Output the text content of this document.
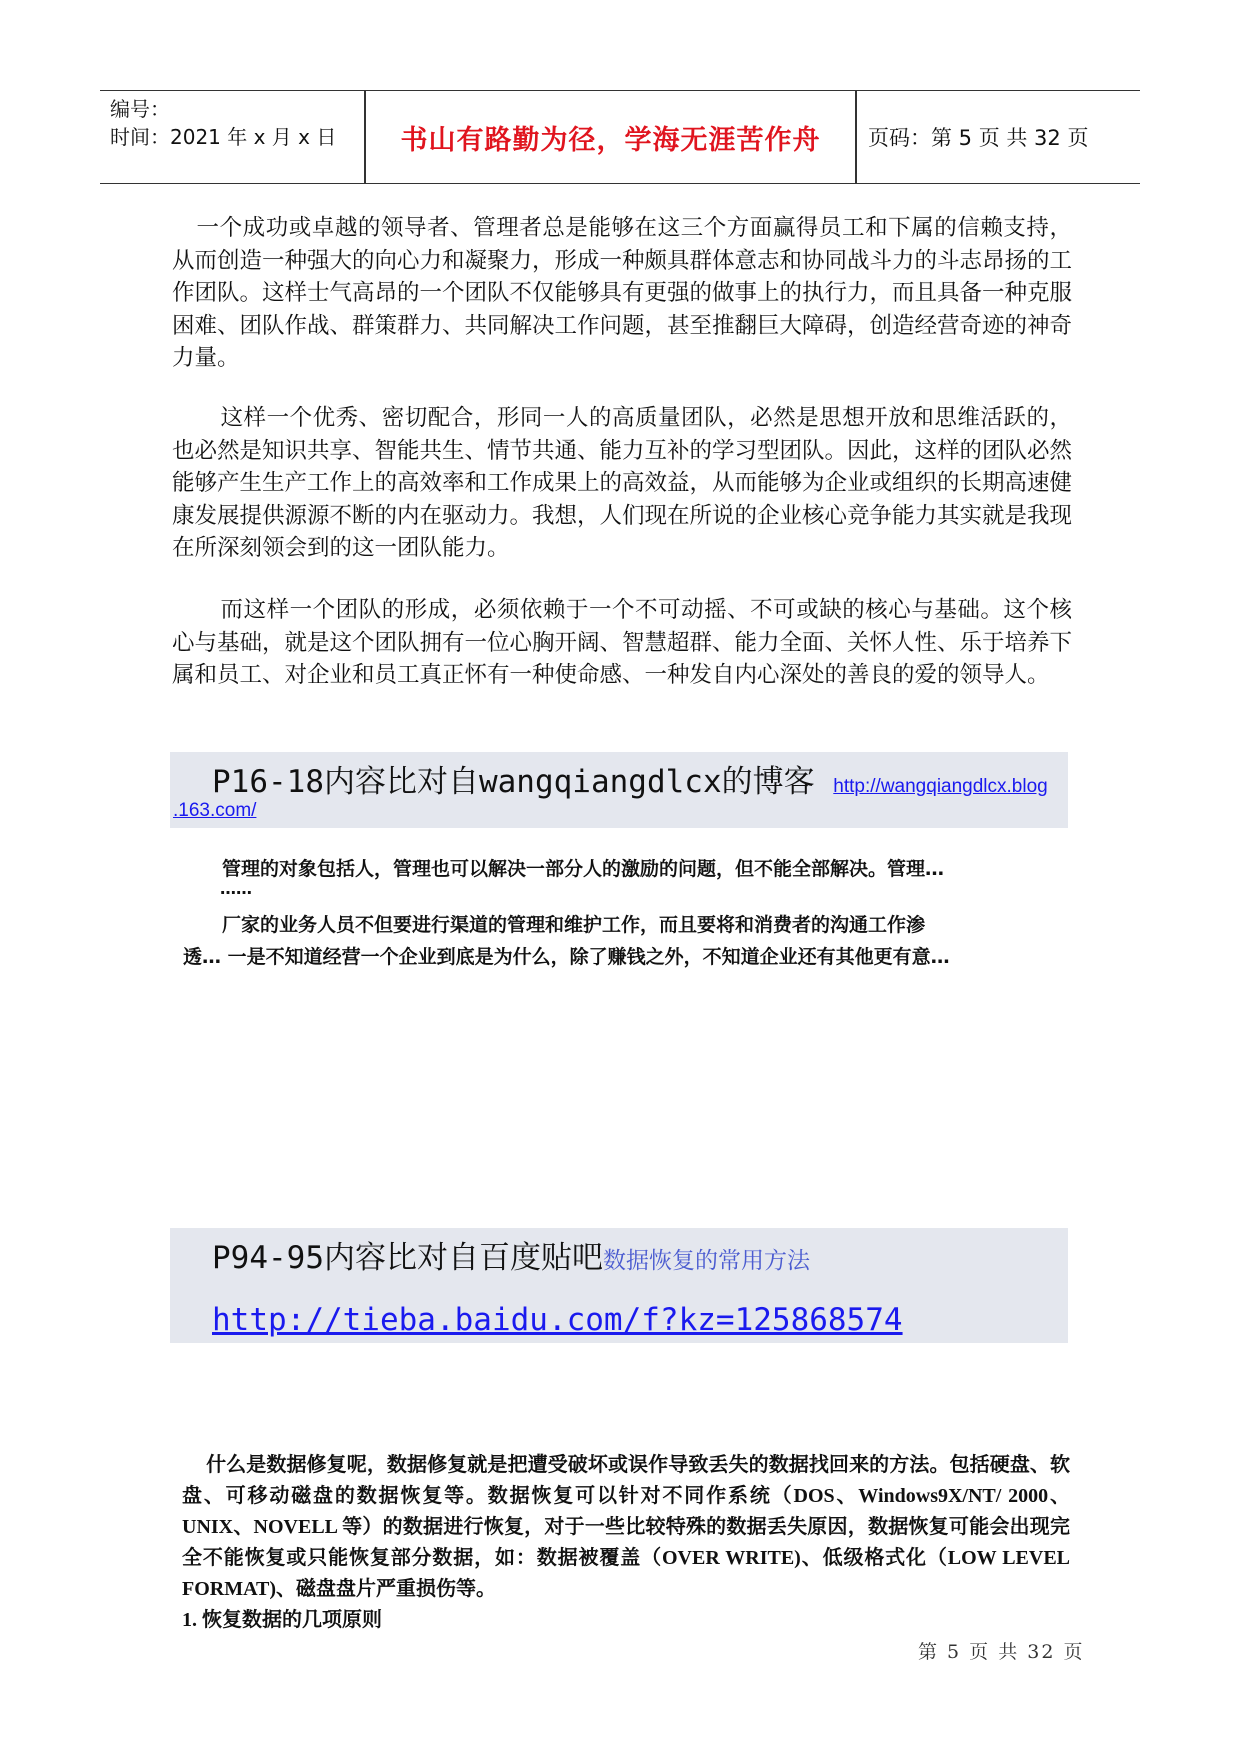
编号：
时间：2021 年 x 月 x 日	书山有路勤为径，学海无涯苦作舟	页码：第 5 页 共 32 页
一个成功或卓越的领导者、管理者总是能够在这三个方面赢得员工和下属的信赖支持，从而创造一种强大的向心力和凝聚力，形成一种颇具群体意志和协同战斗力的斗志昂扬的工作团队。这样士气高昂的一个团队不仅能够具有更强的做事上的执行力，而且具备一种克服困难、团队作战、群策群力、共同解决工作问题，甚至推翻巨大障碍，创造经营奇迹的神奇力量。
这样一个优秀、密切配合，形同一人的高质量团队，必然是思想开放和思维活跃的，也必然是知识共享、智能共生、情节共通、能力互补的学习型团队。因此，这样的团队必然能够产生生产工作上的高效率和工作成果上的高效益，从而能够为企业或组织的长期高速健康发展提供源源不断的内在驱动力。我想，人们现在所说的企业核心竞争能力其实就是我现在所深刻领会到的这一团队能力。
而这样一个团队的形成，必须依赖于一个不可动摇、不可或缺的核心与基础。这个核心与基础，就是这个团队拥有一位心胸开阔、智慧超群、能力全面、关怀人性、乐于培养下属和员工、对企业和员工真正怀有一种使命感、一种发自内心深处的善良的爱的领导人。
P16-18内容比对自wangqiangdlcx的博客 http://wangqiangdlcx.blog
.163.com/
管理的对象包括人，管理也可以解决一部分人的激励的问题，但不能全部解决。管理…
……
厂家的业务人员不但要进行渠道的管理和维护工作，而且要将和消费者的沟通工作渗
透… 一是不知道经营一个企业到底是为什么，除了赚钱之外，不知道企业还有其他更有意…
P94-95内容比对自百度贴吧数据恢复的常用方法
http://tieba.baidu.com/f?kz=125868574
什么是数据修复呢，数据修复就是把遭受破坏或误作导致丢失的数据找回来的方法。包括硬盘、软盘、可移动磁盘的数据恢复等。数据恢复可以针对不同作系统（DOS、Windows9X/NT/ 2000、UNIX、NOVELL 等）的数据进行恢复，对于一些比较特殊的数据丢失原因，数据恢复可能会出现完全不能恢复或只能恢复部分数据，如：数据被覆盖（OVER WRITE)、低级格式化（LOW LEVEL FORMAT)、磁盘盘片严重损伤等。
1. 恢复数据的几项原则
第 5 页 共 32 页
